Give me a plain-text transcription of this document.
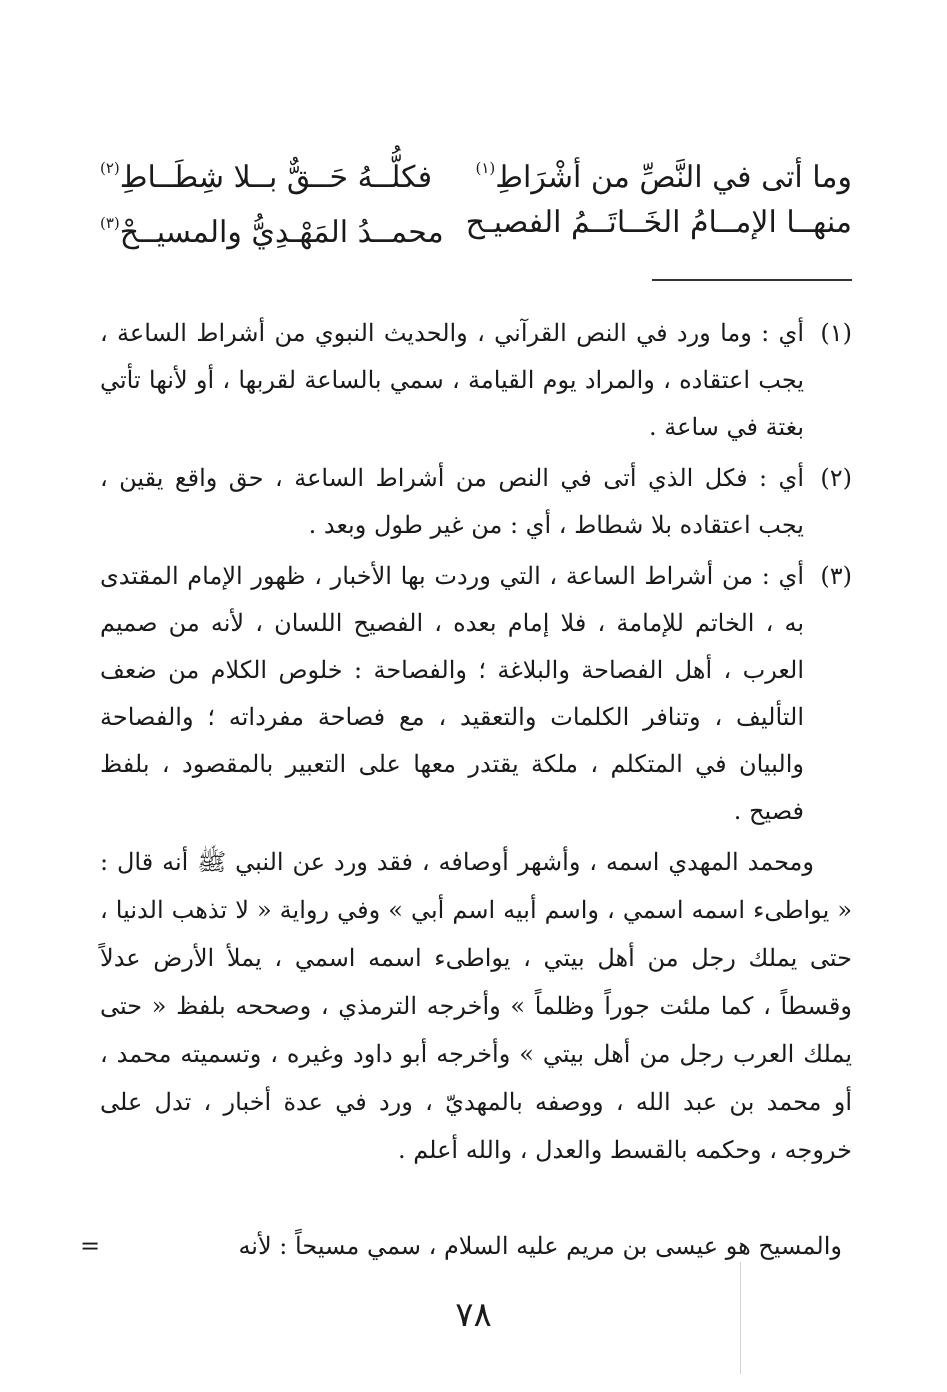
وما أتى في النَّصِّ من أشْرَاطِ$^{(١)}$
فكلُّــهُ حَــقٌّ بــلا شِطَــاطِ$^{(٢)}$
منهــا الإمــامُ الخَــاتَــمُ الفصيـح
محمــدُ المَهْـدِيُّ والمسيــحْ$^{(٣)}$
(١)
أي : وما ورد في النص القرآني ، والحديث النبوي من أشراط الساعة ، يجب اعتقاده ، والمراد يوم القيامة ، سمي بالساعة لقربها ، أو لأنها تأتي بغتة في ساعة .
(٢)
أي : فكل الذي أتى في النص من أشراط الساعة ، حق واقع يقين ، يجب اعتقاده بلا شطاط ، أي : من غير طول وبعد .
(٣)
أي : من أشراط الساعة ، التي وردت بها الأخبار ، ظهور الإمام المقتدى به ، الخاتم للإمامة ، فلا إمام بعده ، الفصيح اللسان ، لأنه من صميم العرب ، أهل الفصاحة والبلاغة ؛ والفصاحة : خلوص الكلام من ضعف التأليف ، وتنافر الكلمات والتعقيد ، مع فصاحة مفرداته ؛ والفصاحة والبيان في المتكلم ، ملكة يقتدر معها على التعبير بالمقصود ، بلفظ فصيح .
ومحمد المهدي اسمه ، وأشهر أوصافه ، فقد ورد عن النبي ﷺ أنه قال : « يواطىء اسمه اسمي ، واسم أبيه اسم أبي » وفي رواية « لا تذهب الدنيا ، حتى يملك رجل من أهل بيتي ، يواطىء اسمه اسمي ، يملأ الأرض عدلاً وقسطاً ، كما ملئت جوراً وظلماً » وأخرجه الترمذي ، وصححه بلفظ « حتى يملك العرب رجل من أهل بيتي » وأخرجه أبو داود وغيره ، وتسميته محمد ، أو محمد بن عبد الله ، ووصفه بالمهديّ ، ورد في عدة أخبار ، تدل على خروجه ، وحكمه بالقسط والعدل ، والله أعلم .
والمسيح هو عيسى بن مريم عليه السلام ، سمي مسيحاً : لأنه
=
٧٨
